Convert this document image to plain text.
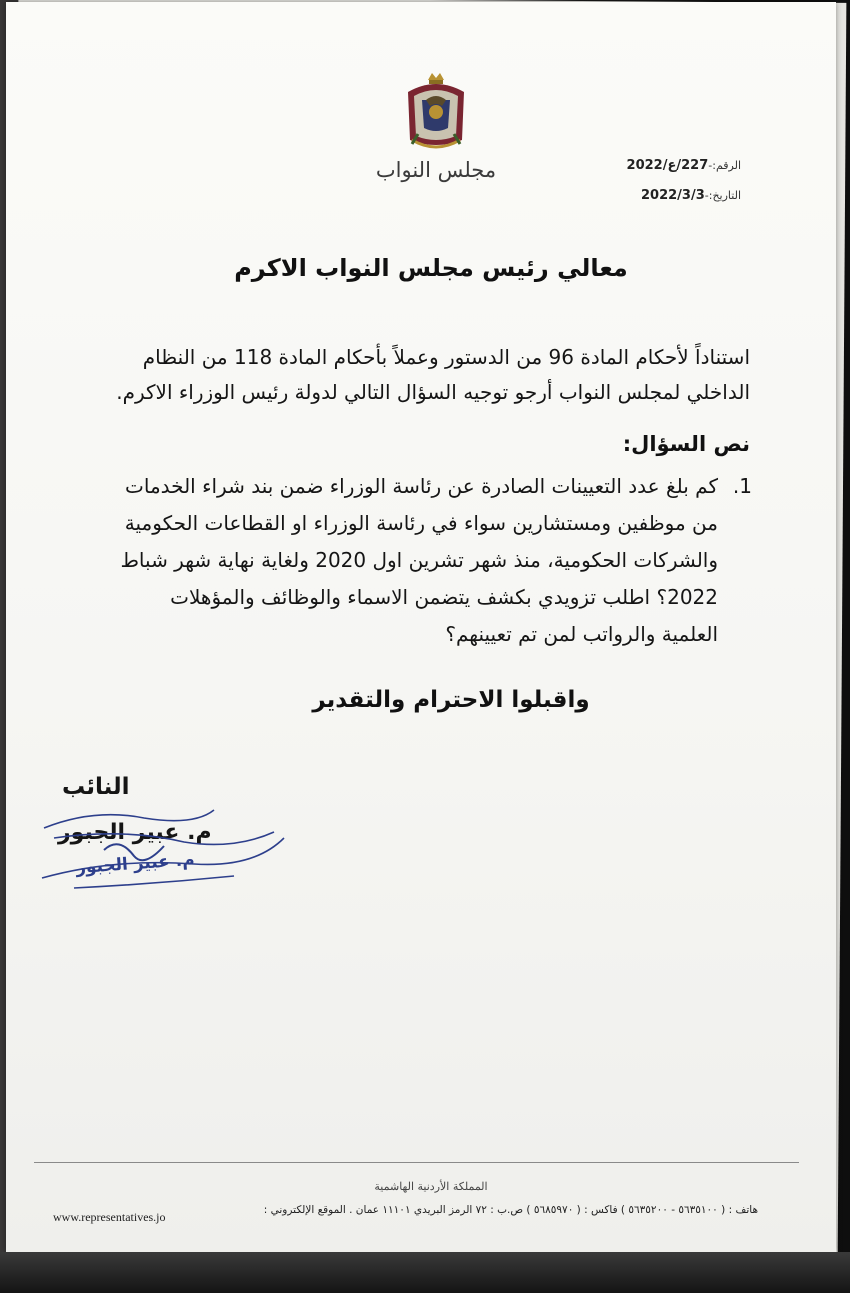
مجلس النواب	الرقم:-227/ع/2022
التاريخ:-2022/3/3
معالي رئيس مجلس النواب الاكرم
استناداً لأحكام المادة 96 من الدستور وعملاً بأحكام المادة 118 من النظام الداخلي لمجلس النواب أرجو توجيه السؤال التالي لدولة رئيس الوزراء الاكرم.
نص السؤال:
1.
كم بلغ عدد التعيينات الصادرة عن رئاسة الوزراء ضمن بند شراء الخدمات من موظفين ومستشارين سواء في رئاسة الوزراء او القطاعات الحكومية والشركات الحكومية، منذ شهر تشرين اول 2020 ولغاية نهاية شهر شباط 2022؟ اطلب تزويدي بكشف يتضمن الاسماء والوظائف والمؤهلات العلمية والرواتب لمن تم تعيينهم؟
واقبلوا الاحترام والتقدير
النائب
م. عبير الجبور
م. عبير الجبور
المملكة الأردنية الهاشمية
هاتف : ( ٥٦٣٥١٠٠ - ٥٦٣٥٢٠٠ ) فاكس : ( ٥٦٨٥٩٧٠ ) ص.ب : ٧٢ الرمز البريدي ١١١٠١ عمان . الموقع الإلكتروني :
www.representatives.jo
